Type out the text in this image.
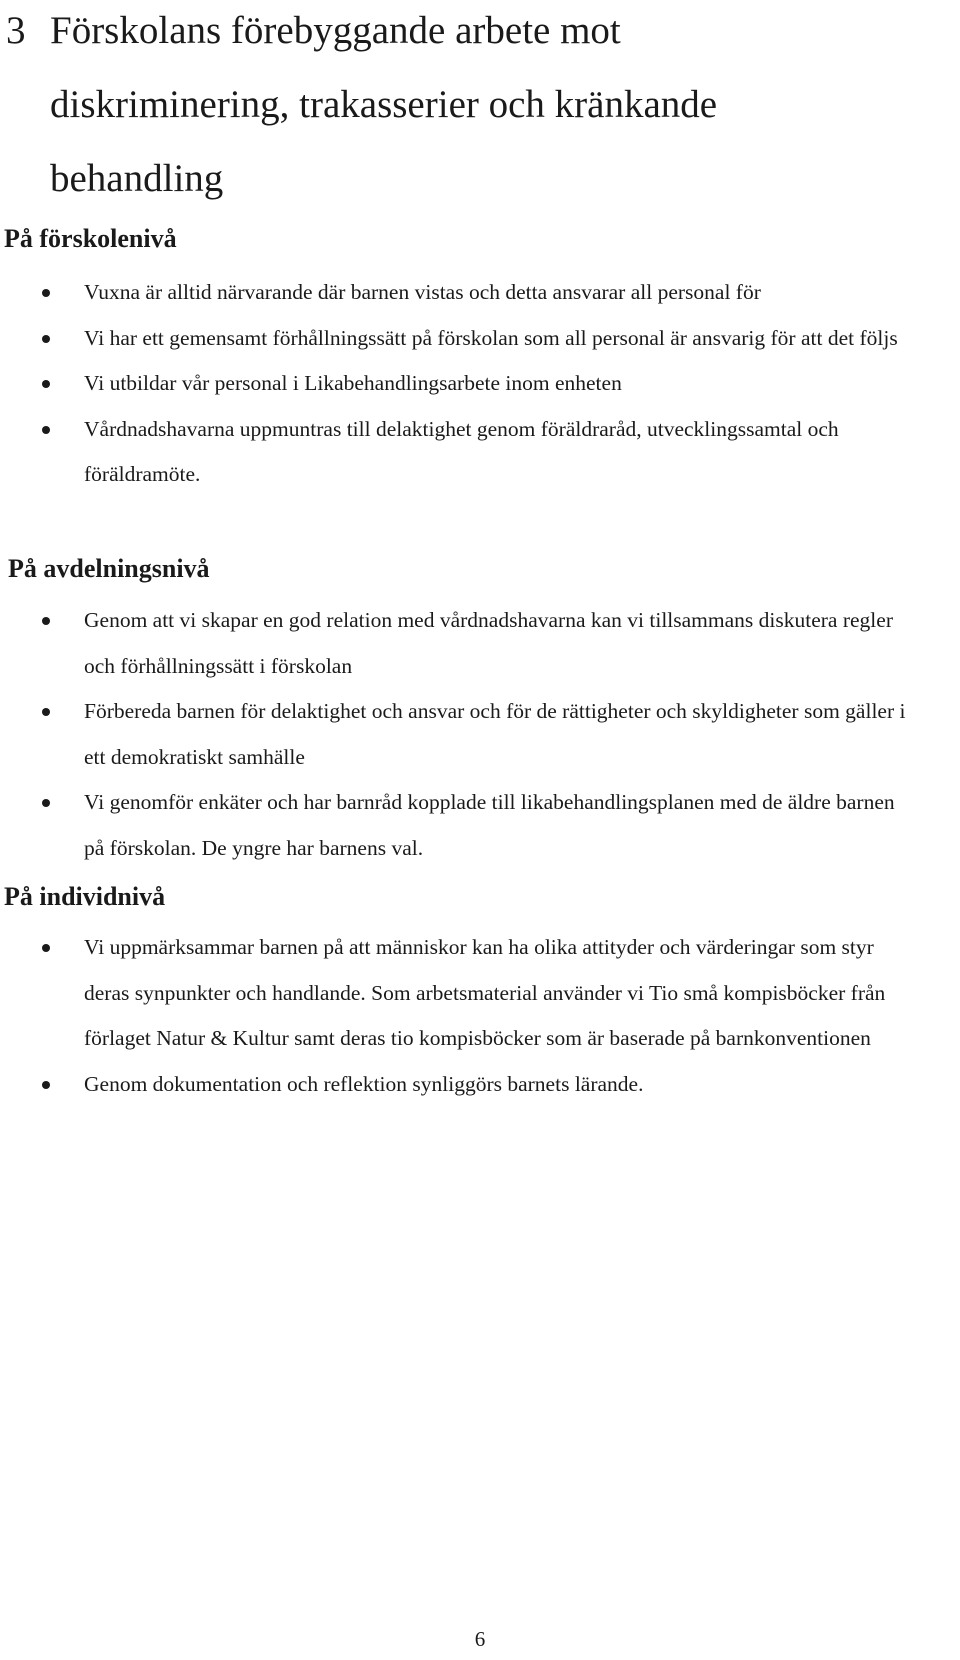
3 Förskolans förebyggande arbete mot diskriminering, trakasserier och kränkande behandling
På förskolenivå
Vuxna är alltid närvarande där barnen vistas och detta ansvarar all personal för
Vi har ett gemensamt förhållningssätt på förskolan som all personal är ansvarig för att det följs
Vi utbildar vår personal i Likabehandlingsarbete inom enheten
Vårdnadshavarna uppmuntras till delaktighet genom föräldraråd, utvecklingssamtal och föräldramöte.
På avdelningsnivå
Genom att vi skapar en god relation med vårdnadshavarna kan vi tillsammans diskutera regler och förhållningssätt i förskolan
Förbereda barnen för delaktighet och ansvar och för de rättigheter och skyldigheter som gäller i ett demokratiskt samhälle
Vi genomför enkäter och har barnråd kopplade till likabehandlingsplanen med de äldre barnen på förskolan. De yngre har barnens val.
På individnivå
Vi uppmärksammar barnen på att människor kan ha olika attityder och värderingar som styr deras synpunkter och handlande. Som arbetsmaterial använder vi Tio små kompisböcker från förlaget Natur & Kultur samt deras tio kompisböcker som är baserade på barnkonventionen
Genom dokumentation och reflektion synliggörs barnets lärande.
6
